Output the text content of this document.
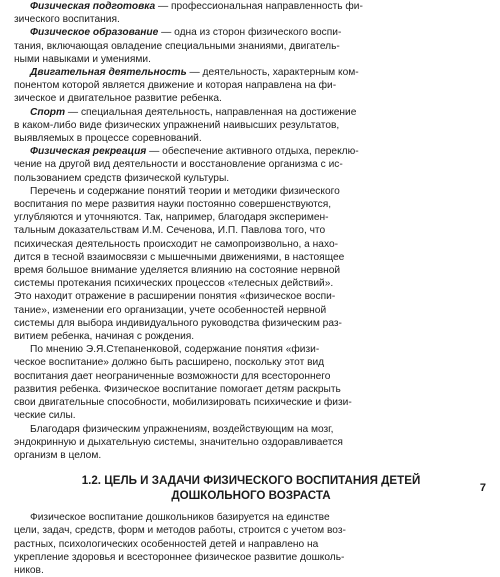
Физическая подготовка — профессиональная направленность фи-
зического воспитания.
Физическое образование — одна из сторон физического воспи-
тания, включающая овладение специальными знаниями, двигатель-
ными навыками и умениями.
Двигательная деятельность — деятельность, характерным ком-
понентом которой является движение и которая направлена на фи-
зическое и двигательное развитие ребенка.
Спорт — специальная деятельность, направленная на достижение
в каком-либо виде физических упражнений наивысших результатов,
выявляемых в процессе соревнований.
Физическая рекреация — обеспечение активного отдыха, переклю-
чение на другой вид деятельности и восстановление организма с ис-
пользованием средств физической культуры.
Перечень и содержание понятий теории и методики физического
воспитания по мере развития науки постоянно совершенствуются,
углубляются и уточняются. Так, например, благодаря эксперимен-
тальным доказательствам И.М. Сеченова, И.П. Павлова того, что
психическая деятельность происходит не самопроизвольно, а нахо-
дится в тесной взаимосвязи с мышечными движениями, в настоящее
время большое внимание уделяется влиянию на состояние нервной
системы протекания психических процессов «телесных действий».
Это находит отражение в расширении понятия «физическое воспи-
тание», изменении его организации, учете особенностей нервной
системы для выбора индивидуального руководства физическим раз-
витием ребенка, начиная с рождения.
По мнению Э.Я.Степаненковой, содержание понятия «физи-
ческое воспитание» должно быть расширено, поскольку этот вид
воспитания дает неограниченные возможности для всестороннего
развития ребенка. Физическое воспитание помогает детям раскрыть
свои двигательные способности, мобилизировать психические и физи-
ческие силы.
Благодаря физическим упражнениям, воздействующим на мозг,
эндокринную и дыхательную системы, значительно оздоравливается
организм в целом.
1.2. ЦЕЛЬ И ЗАДАЧИ ФИЗИЧЕСКОГО ВОСПИТАНИЯ ДЕТЕЙ
ДОШКОЛЬНОГО ВОЗРАСТА
Физическое воспитание дошкольников базируется на единстве
цели, задач, средств, форм и методов работы, строится с учетом воз-
растных, психологических особенностей детей и направлено на
укрепление здоровья и всестороннее физическое развитие дошколь-
ников.
7
